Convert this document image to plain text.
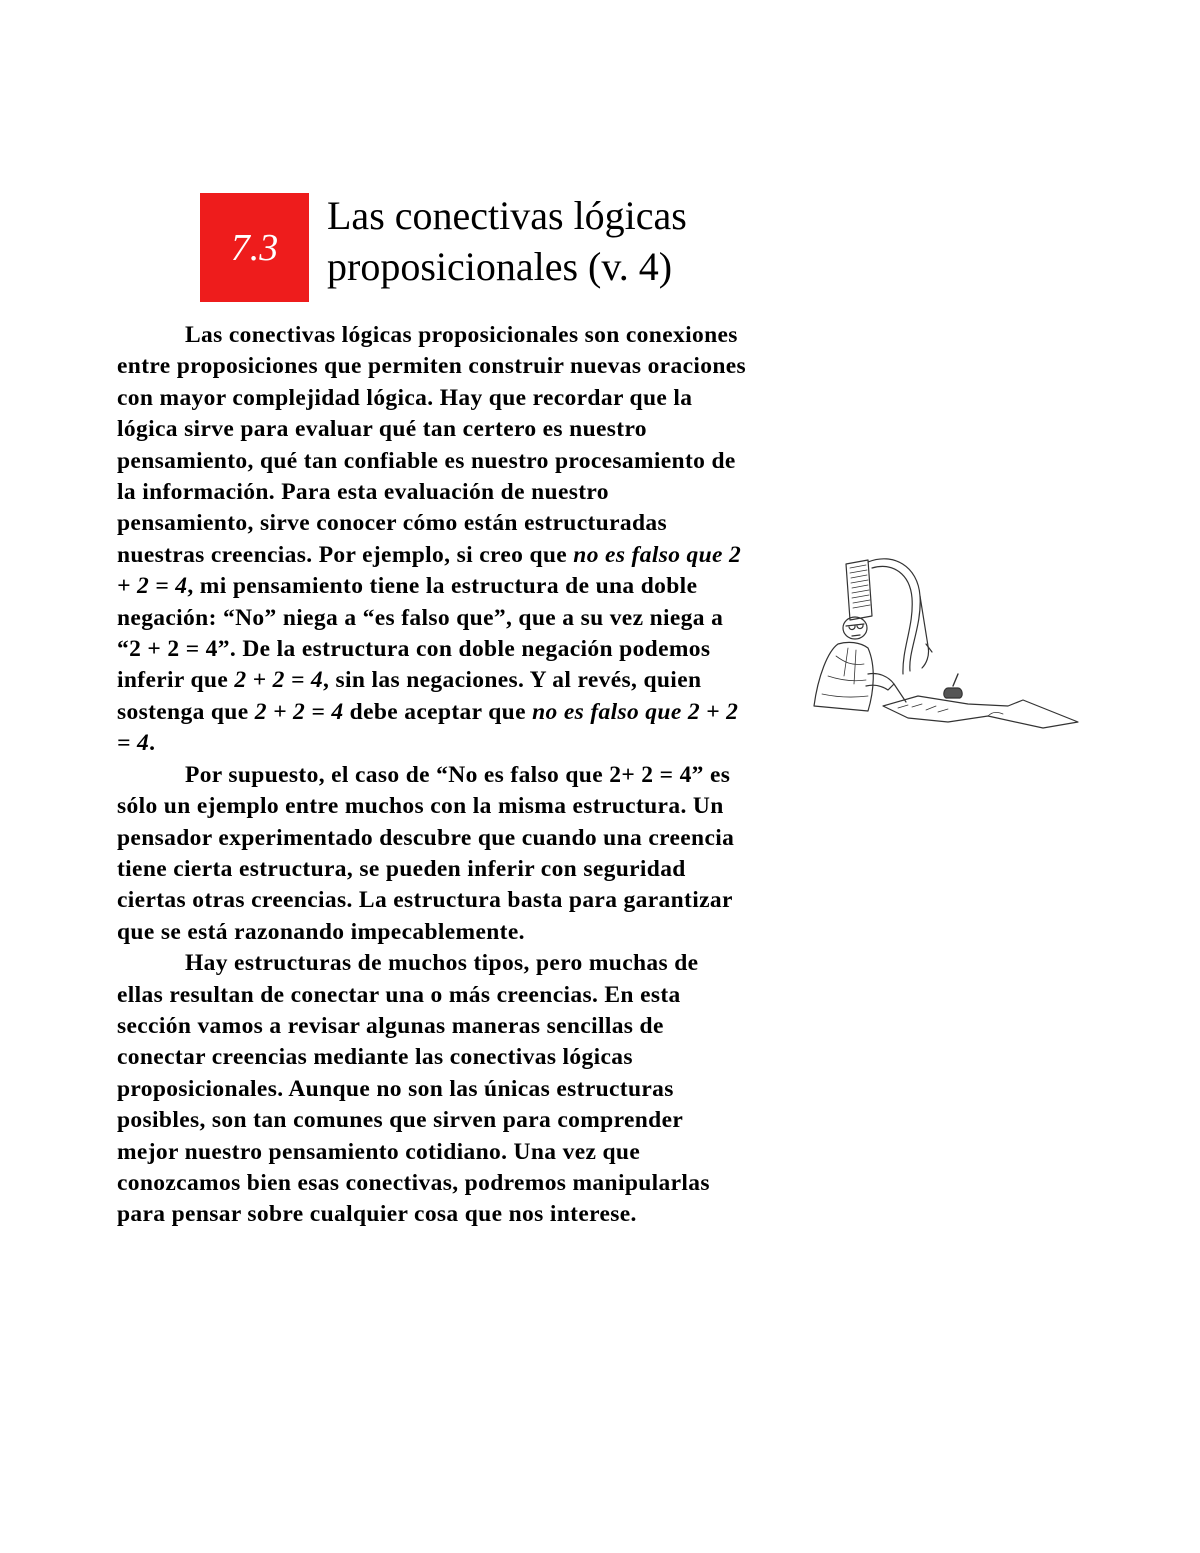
7.3
Las conectivas lógicas
proposicionales (v. 4)

Las conectivas lógicas proposicionales son conexiones entre proposiciones que permiten construir nuevas oraciones con mayor complejidad lógica. Hay que recordar que la lógica sirve para evaluar qué tan certero es nuestro pensamiento, qué tan confiable es nuestro procesamiento de la información. Para esta evaluación de nuestro pensamiento, sirve conocer cómo están estructuradas nuestras creencias. Por ejemplo, si creo que no es falso que 2 + 2 = 4, mi pensamiento tiene la estructura de una doble negación: “No” niega a “es falso que”, que a su vez niega a “2 + 2 = 4”. De la estructura con doble negación podemos inferir que 2 + 2 = 4, sin las negaciones. Y al revés, quien sostenga que 2 + 2 = 4 debe aceptar que no es falso que 2 + 2 = 4.

Por supuesto, el caso de “No es falso que 2+ 2 = 4” es sólo un ejemplo entre muchos con la misma estructura. Un pensador experimentado descubre que cuando una creencia tiene cierta estructura, se pueden inferir con seguridad ciertas otras creencias. La estructura basta para garantizar que se está razonando impecablemente.

Hay estructuras de muchos tipos, pero muchas de ellas resultan de conectar una o más creencias. En esta sección vamos a revisar algunas maneras sencillas de conectar creencias mediante las conectivas lógicas proposicionales. Aunque no son las únicas estructuras posibles, son tan comunes que sirven para comprender mejor nuestro pensamiento cotidiano. Una vez que conozcamos bien esas conectivas, podremos manipularlas para pensar sobre cualquier cosa que nos interese.
